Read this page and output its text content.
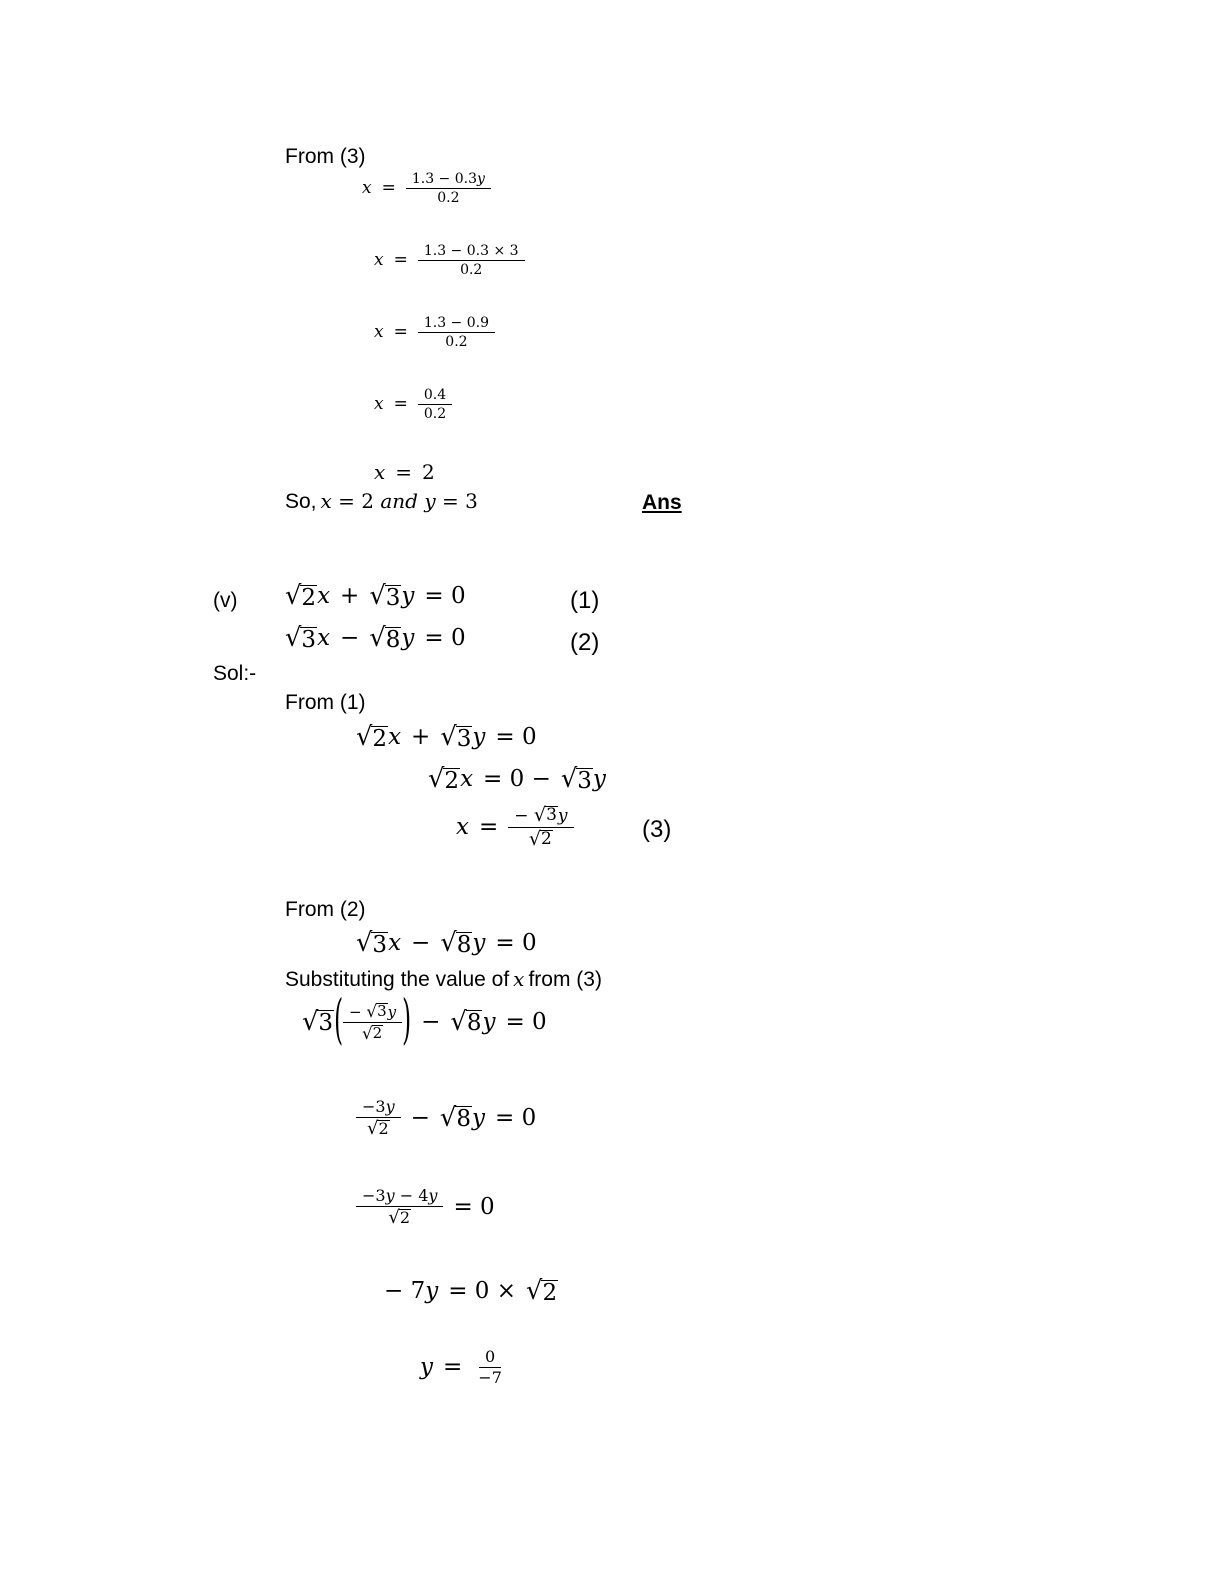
From (3)
$x = \frac{1.3 - 0.3y}{0.2}$
$x = \frac{1.3 - 0.3 \times 3}{0.2}$
$x = \frac{1.3 - 0.9}{0.2}$
$x = \frac{0.4}{0.2}$
x = 2
So, x = 2 and y = 3	Ans
(v) √ 2 x + √ 3 y = 0	(1)
√ 3 x − √ 8 y = 0	(2)
Sol:-
From (1)
√ 2 x + √ 3 y = 0
√ 2 x = 0 − √ 3 y
$x = \frac{- √ 3 y}{√ 2}$	(3)
From (2)
√ 3 x − √ 8 y = 0
Substituting the value of x from (3)
√ 3 ( $\frac{- √ 3 y}{√ 2}$ ) − √ 8 y = 0
$\frac{-3y}{√ 2}$ − √ 8 y = 0
$\frac{-3y - 4y}{√ 2} = 0$
− 7 y = 0 × √ 2
$y = \frac{0}{-7}$
